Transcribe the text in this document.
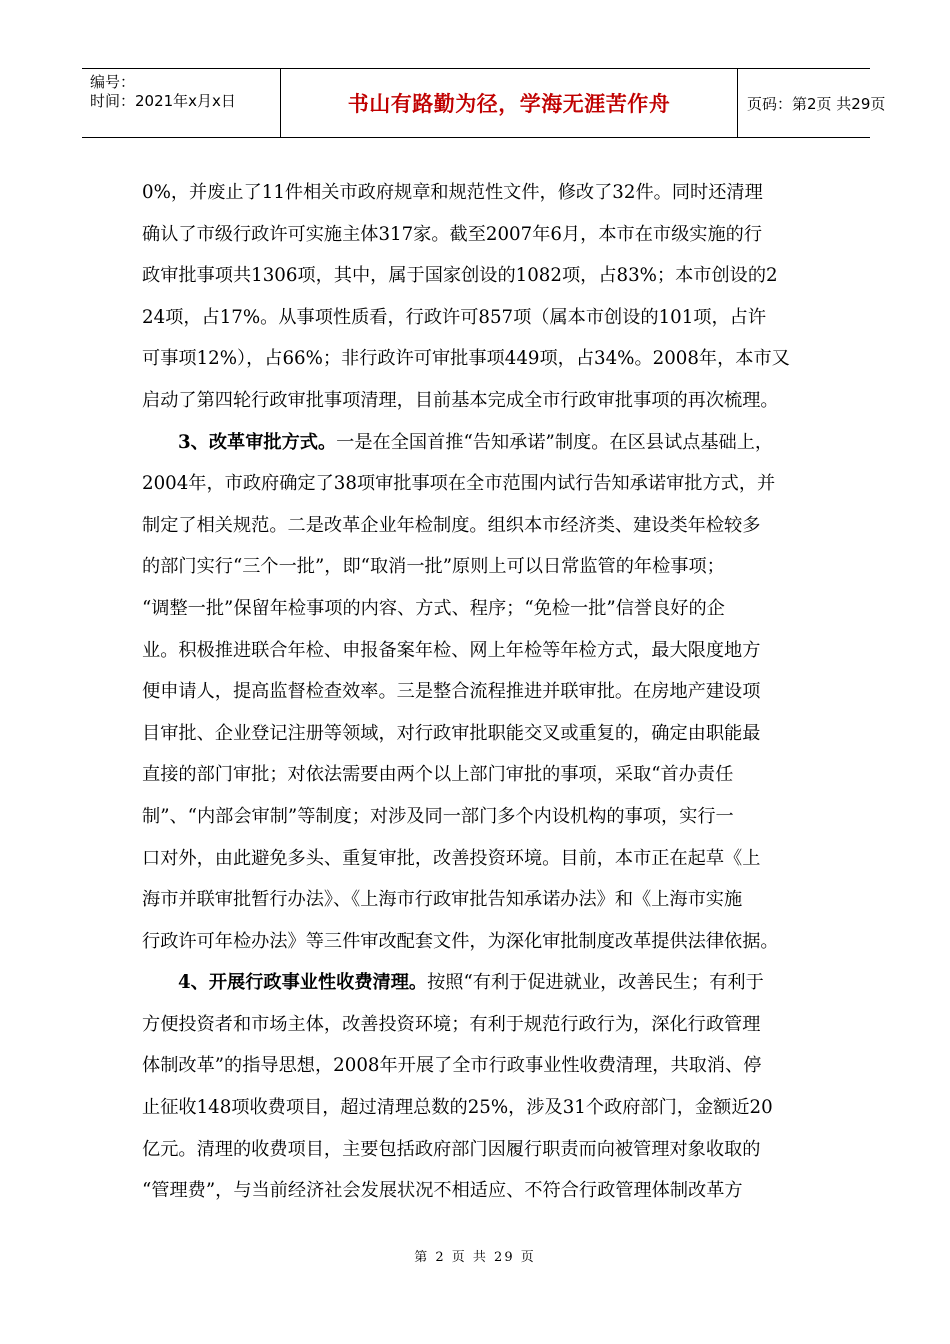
编号：
时间：2021年x月x日	书山有路勤为径，学海无涯苦作舟	页码：第2页 共29页
0%，并废止了11件相关市政府规章和规范性文件，修改了32件。同时还清理
确认了市级行政许可实施主体317家。截至2007年6月，本市在市级实施的行
政审批事项共1306项，其中，属于国家创设的1082项，占83%；本市创设的2
24项，占17%。从事项性质看，行政许可857项（属本市创设的101项，占许
可事项12%），占66%；非行政许可审批事项449项，占34%。2008年，本市又
启动了第四轮行政审批事项清理，目前基本完成全市行政审批事项的再次梳理。
3、改革审批方式。一是在全国首推“告知承诺”制度。在区县试点基础上，
2004年，市政府确定了38项审批事项在全市范围内试行告知承诺审批方式，并
制定了相关规范。二是改革企业年检制度。组织本市经济类、建设类年检较多
的部门实行“三个一批”，即“取消一批”原则上可以日常监管的年检事项；
“调整一批”保留年检事项的内容、方式、程序；“免检一批”信誉良好的企
业。积极推进联合年检、申报备案年检、网上年检等年检方式，最大限度地方
便申请人，提高监督检查效率。三是整合流程推进并联审批。在房地产建设项
目审批、企业登记注册等领域，对行政审批职能交叉或重复的，确定由职能最
直接的部门审批；对依法需要由两个以上部门审批的事项，采取“首办责任
制”、“内部会审制”等制度；对涉及同一部门多个内设机构的事项，实行一
口对外，由此避免多头、重复审批，改善投资环境。目前，本市正在起草《上
海市并联审批暂行办法》、《上海市行政审批告知承诺办法》和《上海市实施
行政许可年检办法》等三件审改配套文件，为深化审批制度改革提供法律依据。
4、开展行政事业性收费清理。按照“有利于促进就业，改善民生；有利于
方便投资者和市场主体，改善投资环境；有利于规范行政行为，深化行政管理
体制改革”的指导思想，2008年开展了全市行政事业性收费清理，共取消、停
止征收148项收费项目，超过清理总数的25%，涉及31个政府部门，金额近20
亿元。清理的收费项目，主要包括政府部门因履行职责而向被管理对象收取的
“管理费”，与当前经济社会发展状况不相适应、不符合行政管理体制改革方
第 2 页 共 29 页
